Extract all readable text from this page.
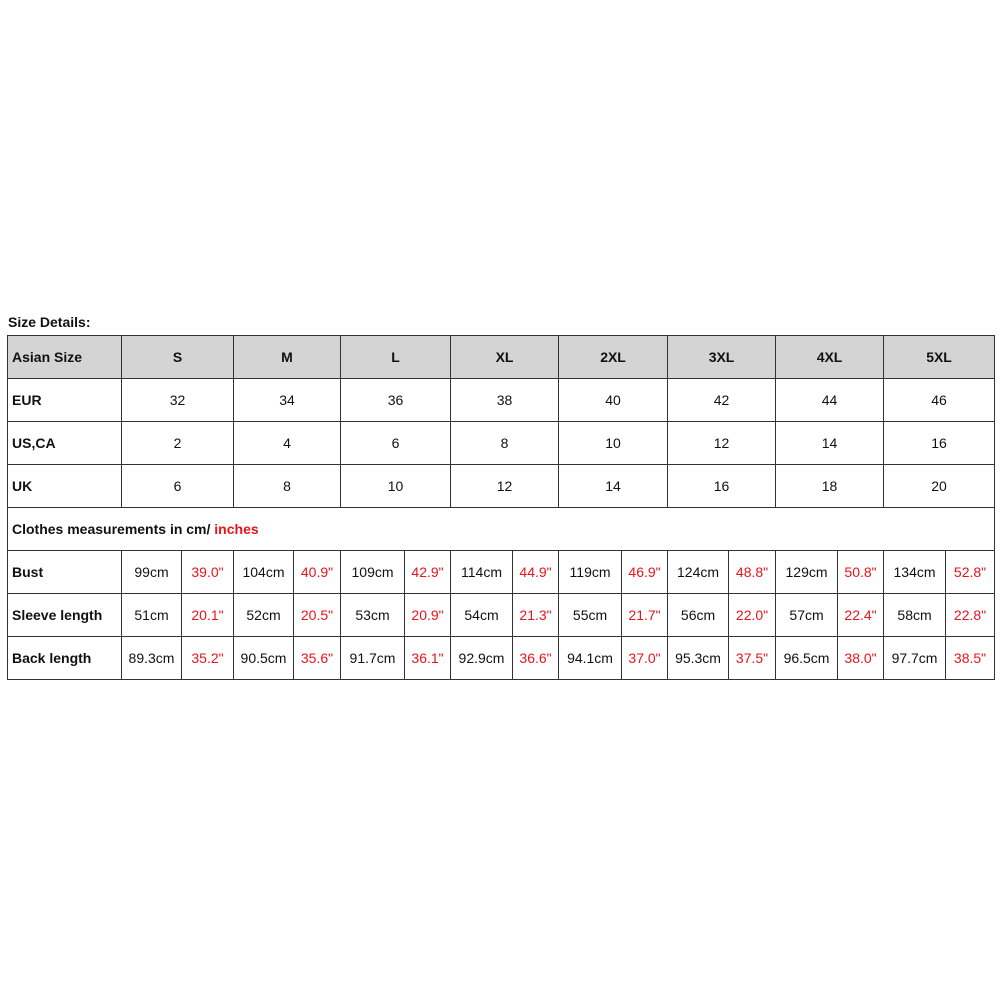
Size Details:
Asian Size	S		M		L		XL		2XL		3XL		4XL		5XL	
EUR	32		34		36		38		40		42		44		46	
US,CA	2		4		6		8		10		12		14		16	
UK	6		8		10		12		14		16		18		20	
Clothes measurements in cm/ inches																
Bust	99cm	39.0"	104cm	40.9"	109cm	42.9"	114cm	44.9"	119cm	46.9"	124cm	48.8"	129cm	50.8"	134cm	52.8"
Sleeve length	51cm	20.1"	52cm	20.5"	53cm	20.9"	54cm	21.3"	55cm	21.7"	56cm	22.0"	57cm	22.4"	58cm	22.8"
Back length	89.3cm	35.2"	90.5cm	35.6"	91.7cm	36.1"	92.9cm	36.6"	94.1cm	37.0"	95.3cm	37.5"	96.5cm	38.0"	97.7cm	38.5"
